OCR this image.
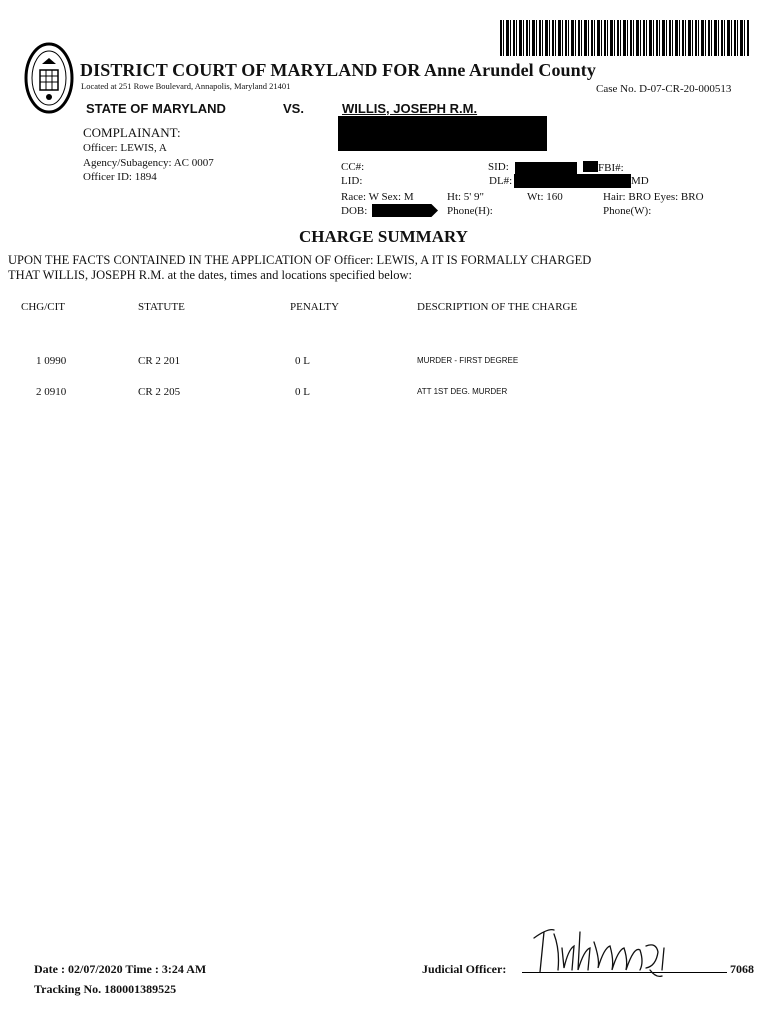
DISTRICT COURT OF MARYLAND FOR Anne Arundel County
Located at 251 Rowe Boulevard, Annapolis, Maryland 21401	Case No. D-07-CR-20-000513
STATE OF MARYLAND	VS.	WILLIS, JOSEPH R.M.
COMPLAINANT:
Officer: LEWIS, A
Agency/Subagency: AC 0007
Officer ID: 1894
CC#:
LID:
SID:
DL#:
FBI#:
MD
Race: W Sex: M	Ht: 5' 9"	Wt: 160	Hair: BRO Eyes: BRO
DOB:	Phone(H):	Phone(W):
CHARGE SUMMARY
UPON THE FACTS CONTAINED IN THE APPLICATION OF Officer: LEWIS, A IT IS FORMALLY CHARGED
THAT WILLIS, JOSEPH R.M. at the dates, times and locations specified below:
CHG/CIT	STATUTE	PENALTY	DESCRIPTION OF THE CHARGE
1 0990	CR 2 201	0 L	MURDER - FIRST DEGREE
2 0910	CR 2 205	0 L	ATT 1ST DEG. MURDER
Date : 02/07/2020 Time : 3:24 AM
Tracking No. 180001389525
Judicial Officer:	7068
